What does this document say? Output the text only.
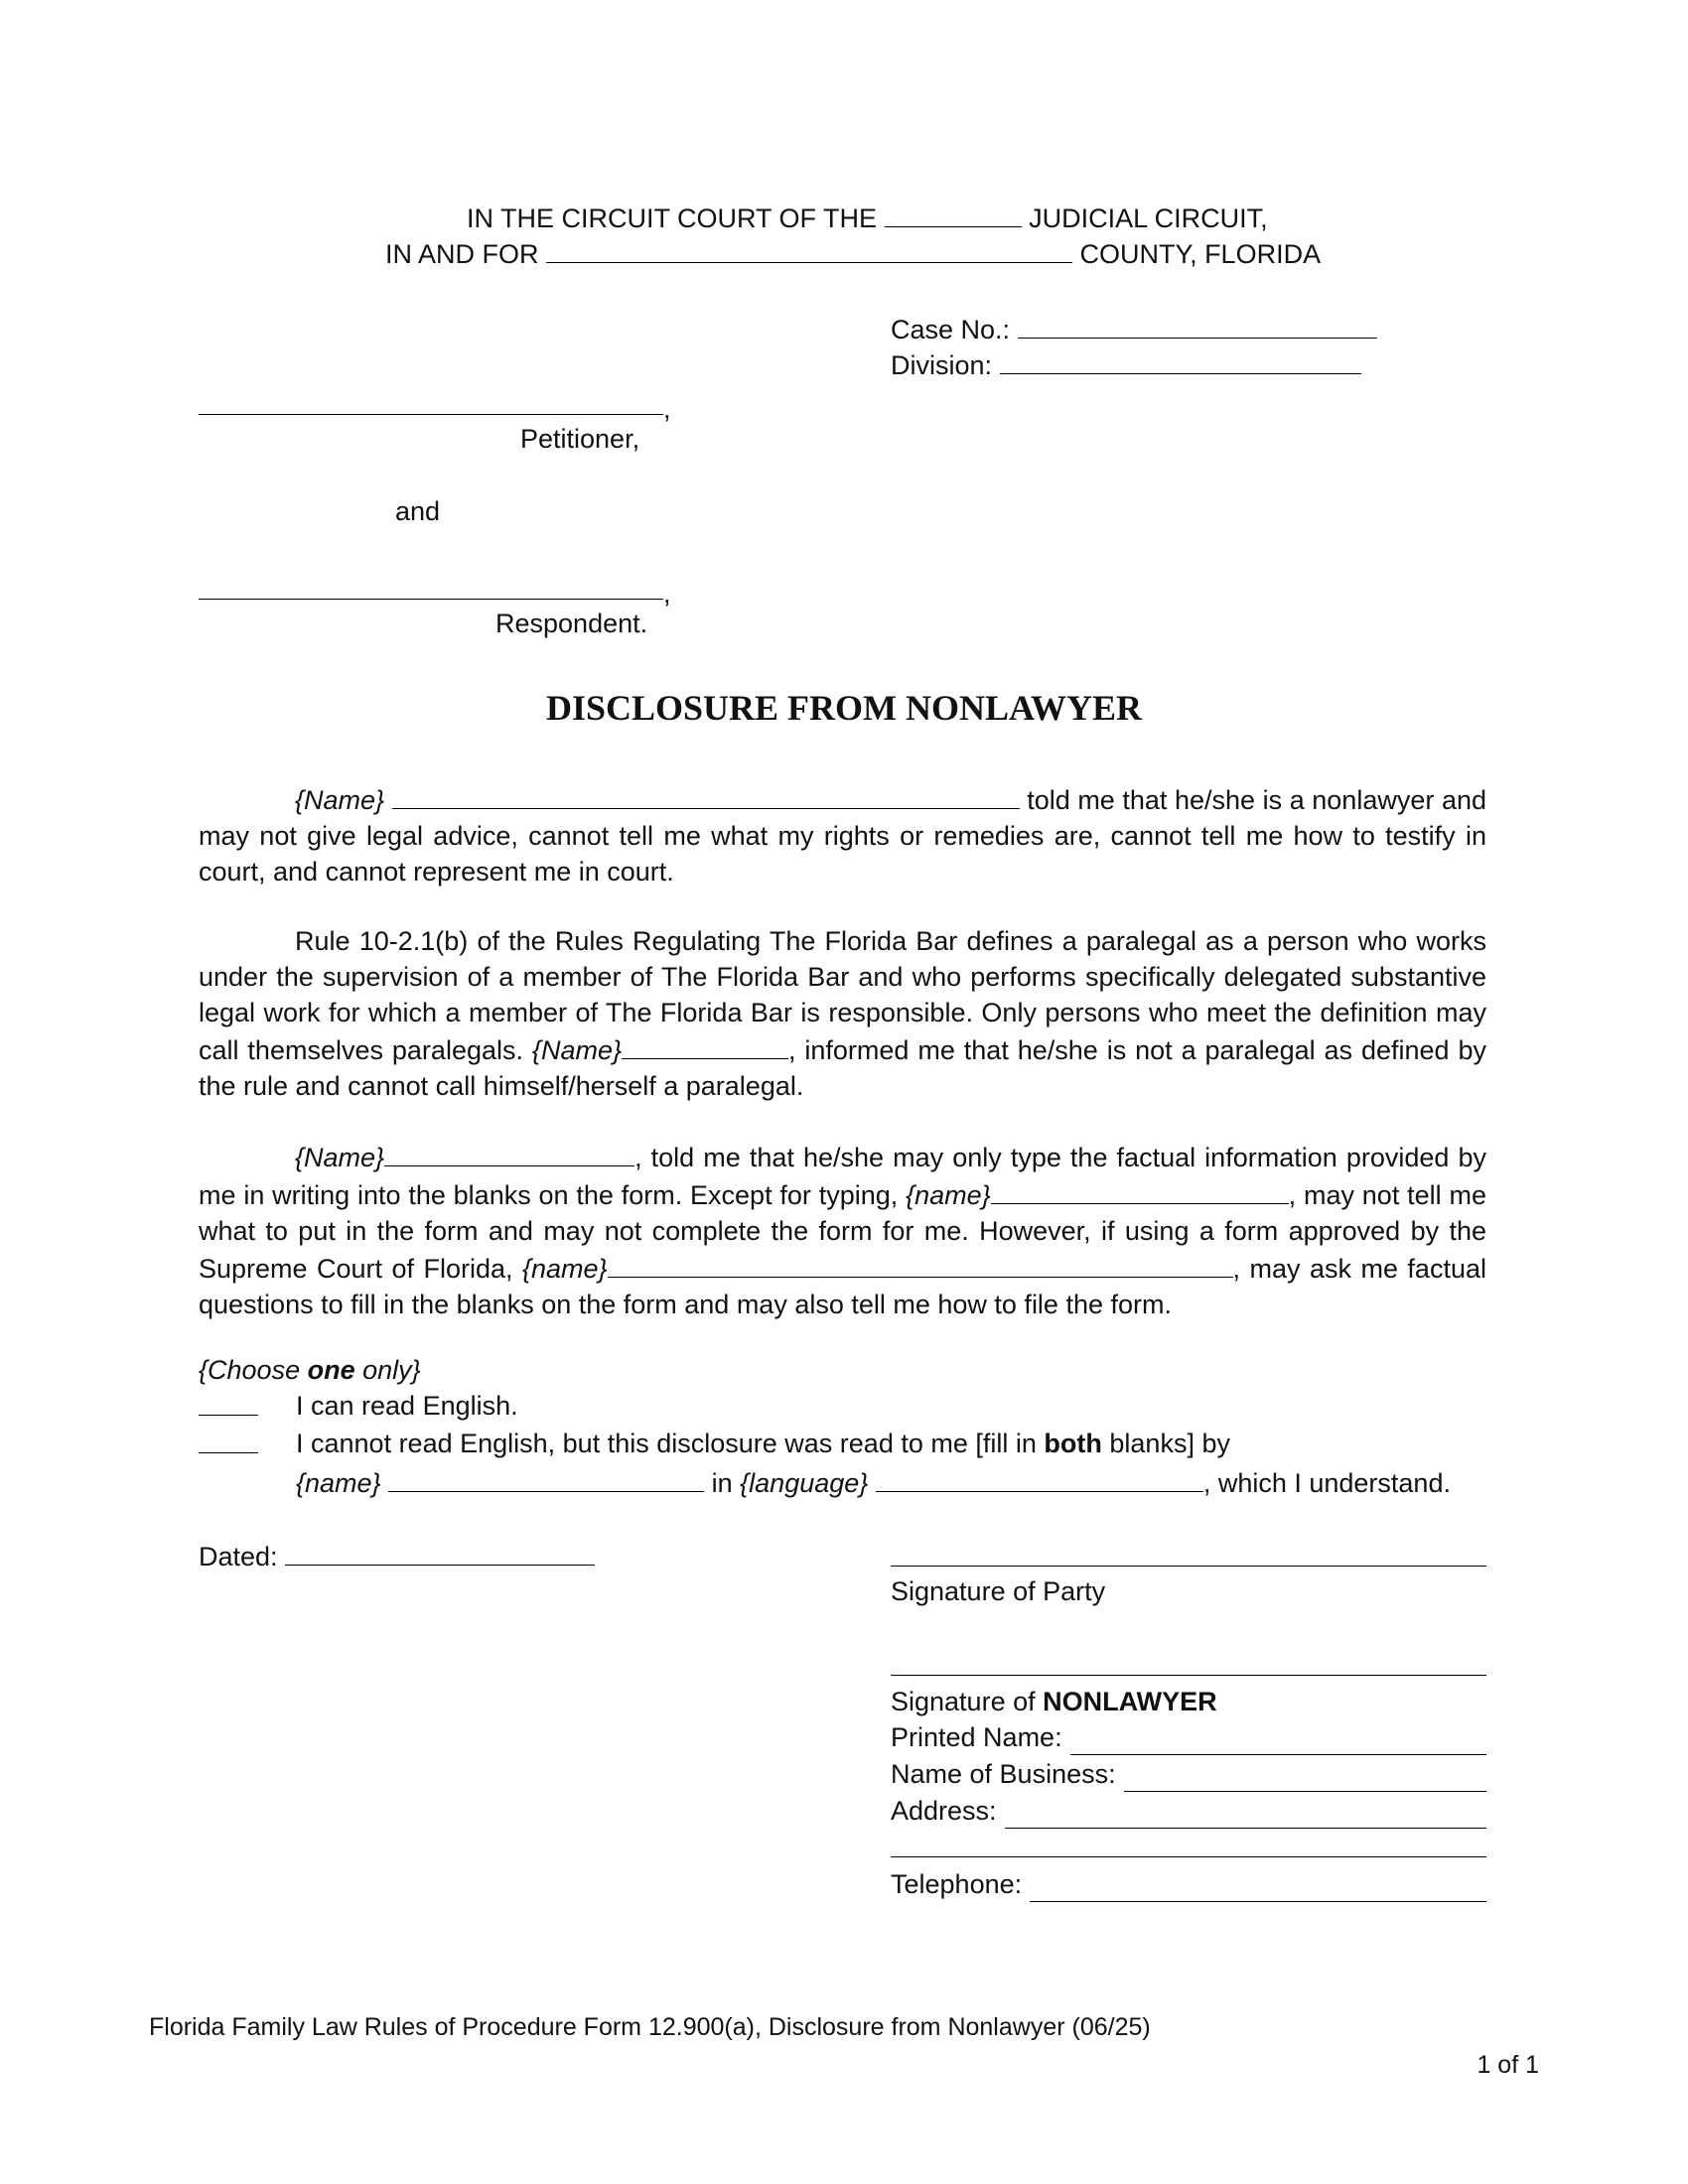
IN THE CIRCUIT COURT OF THE	JUDICIAL CIRCUIT,
IN AND FOR	COUNTY, FLORIDA
Case No.:
Division:
,
Petitioner,
and
,
Respondent.
DISCLOSURE FROM NONLAWYER
{Name}	told me that he/she is a nonlawyer and may not give legal advice, cannot tell me what my rights or remedies are, cannot tell me how to testify in court, and cannot represent me in court.
Rule 10-2.1(b) of the Rules Regulating The Florida Bar defines a paralegal as a person who works under the supervision of a member of The Florida Bar and who performs specifically delegated substantive legal work for which a member of The Florida Bar is responsible. Only persons who meet the definition may call themselves paralegals. {Name}	, informed me that he/she is not a paralegal as defined by the rule and cannot call himself/herself a paralegal.
{Name}	, told me that he/she may only type the factual information provided by me in writing into the blanks on the form. Except for typing, {name}	, may not tell me what to put in the form and may not complete the form for me. However, if using a form approved by the Supreme Court of Florida, {name}	, may ask me factual questions to fill in the blanks on the form and may also tell me how to file the form.
{Choose one only}
I can read English.
I cannot read English, but this disclosure was read to me [fill in both blanks] by
{name}	in {language}	, which I understand.
Dated:
Signature of Party
Signature of NONLAWYER
Printed Name:
Name of Business:
Address:
Telephone:
Florida Family Law Rules of Procedure Form 12.900(a), Disclosure from Nonlawyer (06/25)
1 of 1
